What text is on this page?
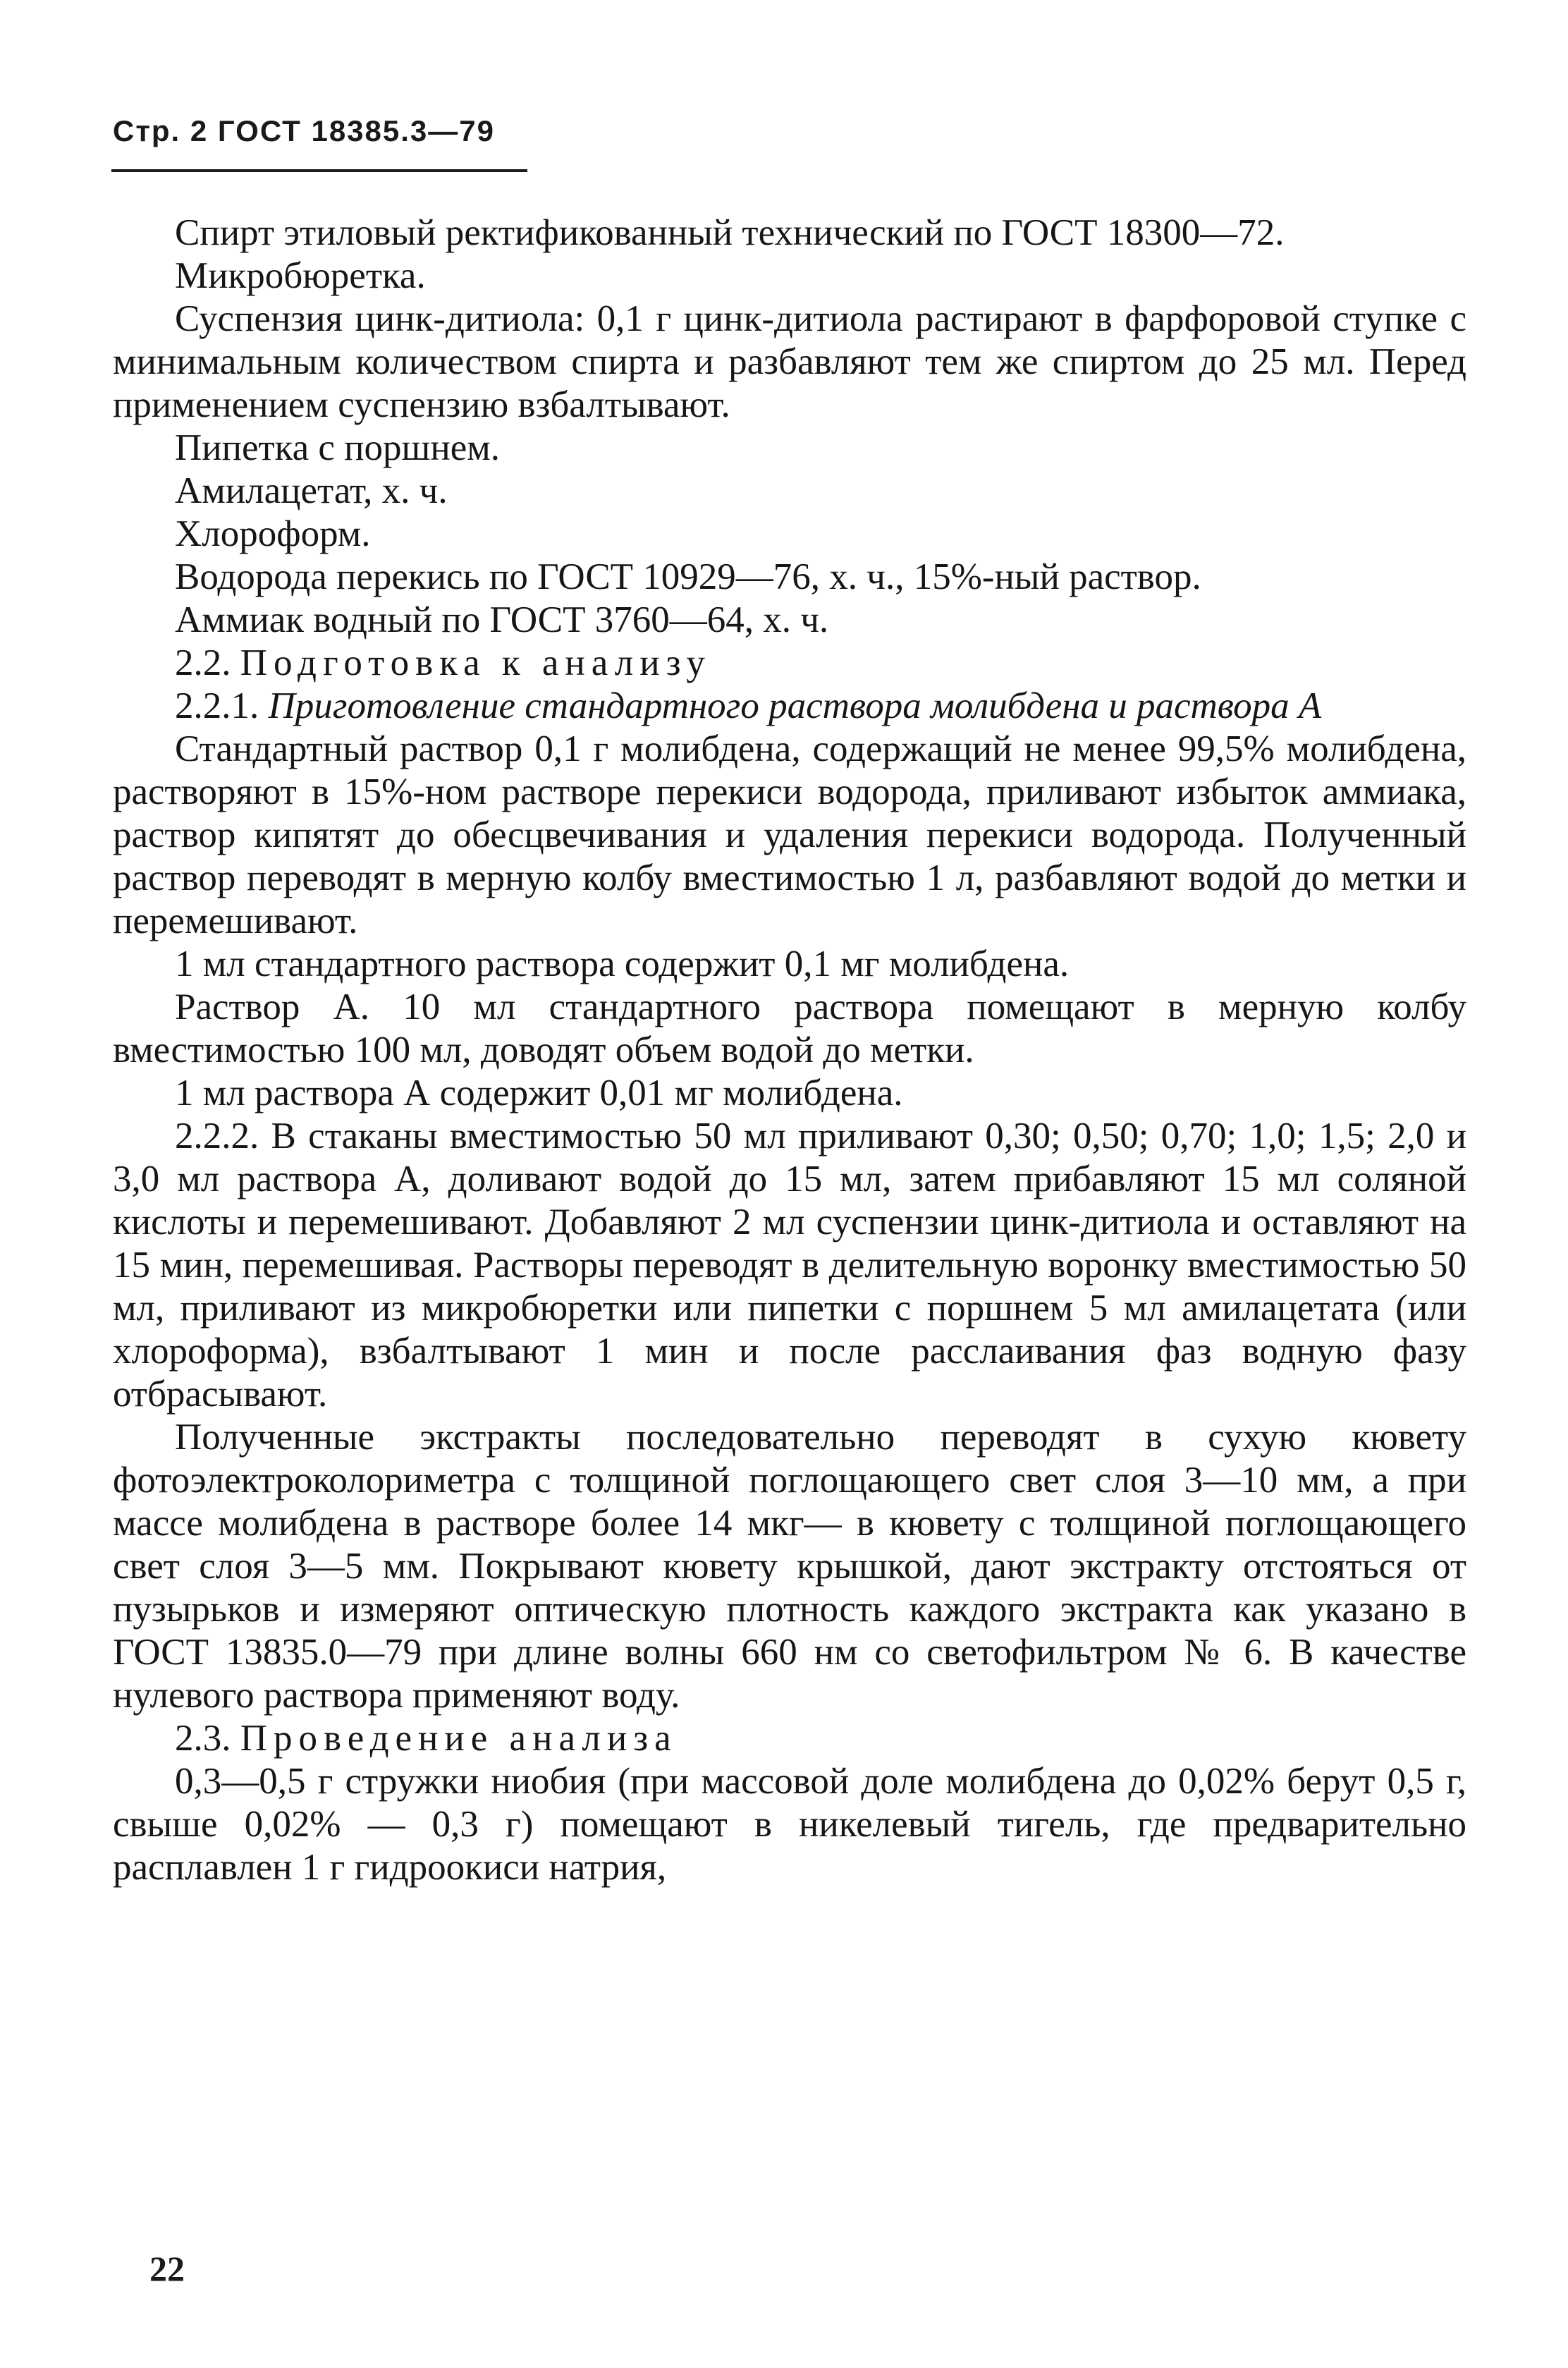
Стр. 2 ГОСТ 18385.3—79

Спирт этиловый ректификованный технический по ГОСТ 18300—72.

Микробюретка.

Суспензия цинк-дитиола: 0,1 г цинк-дитиола растирают в фарфоровой ступке с минимальным количеством спирта и разбавляют тем же спиртом до 25 мл. Перед применением суспензию взбалтывают.

Пипетка с поршнем.

Амилацетат, х. ч.

Хлороформ.

Водорода перекись по ГОСТ 10929—76, х. ч., 15%-ный раствор.

Аммиак водный по ГОСТ 3760—64, х. ч.

2.2. Подготовка к анализу

2.2.1. Приготовление стандартного раствора молибдена и раствора А

Стандартный раствор 0,1 г молибдена, содержащий не менее 99,5% молибдена, растворяют в 15%-ном растворе перекиси водорода, приливают избыток аммиака, раствор кипятят до обесцвечивания и удаления перекиси водорода. Полученный раствор переводят в мерную колбу вместимостью 1 л, разбавляют водой до метки и перемешивают.

1 мл стандартного раствора содержит 0,1 мг молибдена.

Раствор А. 10 мл стандартного раствора помещают в мерную колбу вместимостью 100 мл, доводят объем водой до метки.

1 мл раствора А содержит 0,01 мг молибдена.

2.2.2. В стаканы вместимостью 50 мл приливают 0,30; 0,50; 0,70; 1,0; 1,5; 2,0 и 3,0 мл раствора А, доливают водой до 15 мл, затем прибавляют 15 мл соляной кислоты и перемешивают. Добавляют 2 мл суспензии цинк-дитиола и оставляют на 15 мин, перемешивая. Растворы переводят в делительную воронку вместимостью 50 мл, приливают из микробюретки или пипетки с поршнем 5 мл амилацетата (или хлороформа), взбалтывают 1 мин и после расслаивания фаз водную фазу отбрасывают.

Полученные экстракты последовательно переводят в сухую кювету фотоэлектроколориметра с толщиной поглощающего свет слоя 3—10 мм, а при массе молибдена в растворе более 14 мкг— в кювету с толщиной поглощающего свет слоя 3—5 мм. Покрывают кювету крышкой, дают экстракту отстояться от пузырьков и измеряют оптическую плотность каждого экстракта как указано в ГОСТ 13835.0—79 при длине волны 660 нм со светофильтром № 6. В качестве нулевого раствора применяют воду.

2.3. Проведение анализа

0,3—0,5 г стружки ниобия (при массовой доле молибдена до 0,02% берут 0,5 г, свыше 0,02% — 0,3 г) помещают в никелевый тигель, где предварительно расплавлен 1 г гидроокиси натрия,

22
